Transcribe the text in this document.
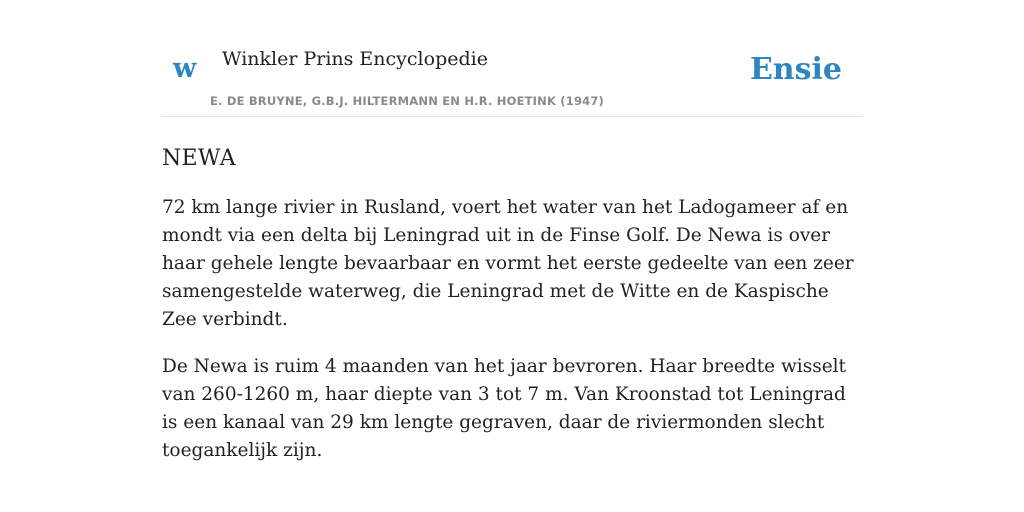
w Winkler Prins Encyclopedie
E. DE BRUYNE, G.B.J. HILTERMANN EN H.R. HOETINK (1947)
Ensie
NEWA

72 km lange rivier in Rusland, voert het water van het Ladogameer af en mondt via een delta bij Leningrad uit in de Finse Golf. De Newa is over haar gehele lengte bevaarbaar en vormt het eerste gedeelte van een zeer samengestelde waterweg, die Leningrad met de Witte en de Kaspische Zee verbindt.

De Newa is ruim 4 maanden van het jaar bevroren. Haar breedte wisselt van 260-1260 m, haar diepte van 3 tot 7 m. Van Kroonstad tot Leningrad is een kanaal van 29 km lengte gegraven, daar de riviermonden slecht toegankelijk zijn.
